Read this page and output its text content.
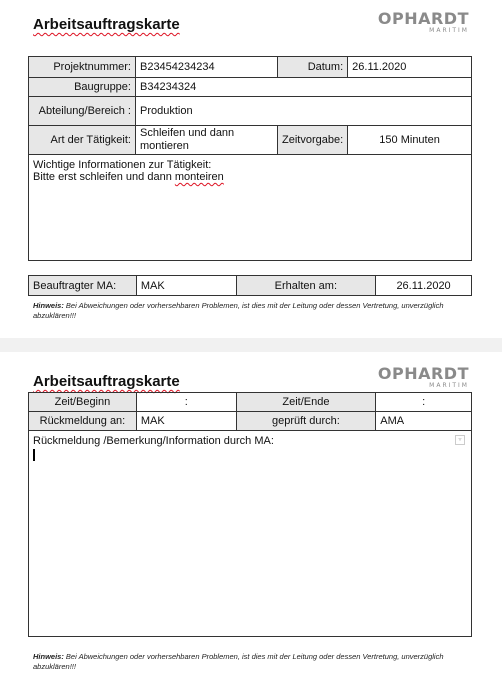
Arbeitsauftragskarte	OPHARDT
MARITIM
Projektnummer:	B23454234234	Datum:	26.11.2020
Baugruppe:	B34234324		
Abteilung/Bereich :	Produktion		
Art der Tätigkeit:	Schleifen und dann montieren	Zeitvorgabe:	150 Minuten

Wichtige Informationen zur Tätigkeit:
Bitte erst schleifen und dann monteiren			
Beauftragter MA:	MAK	Erhalten am:	26.11.2020
Hinweis: Bei Abweichungen oder vorhersehbaren Problemen, ist dies mit der Leitung oder dessen Vertretung, unverzüglich abzuklären!!!
Arbeitsauftragskarte	OPHARDT
MARITIM
Zeit/Beginn	:	Zeit/Ende	:
Rückmeldung an:	MAK	geprüft durch:	AMA

Rückmeldung /Bemerkung/Information durch MA: ▿			
Hinweis: Bei Abweichungen oder vorhersehbaren Problemen, ist dies mit der Leitung oder dessen Vertretung, unverzüglich abzuklären!!!
